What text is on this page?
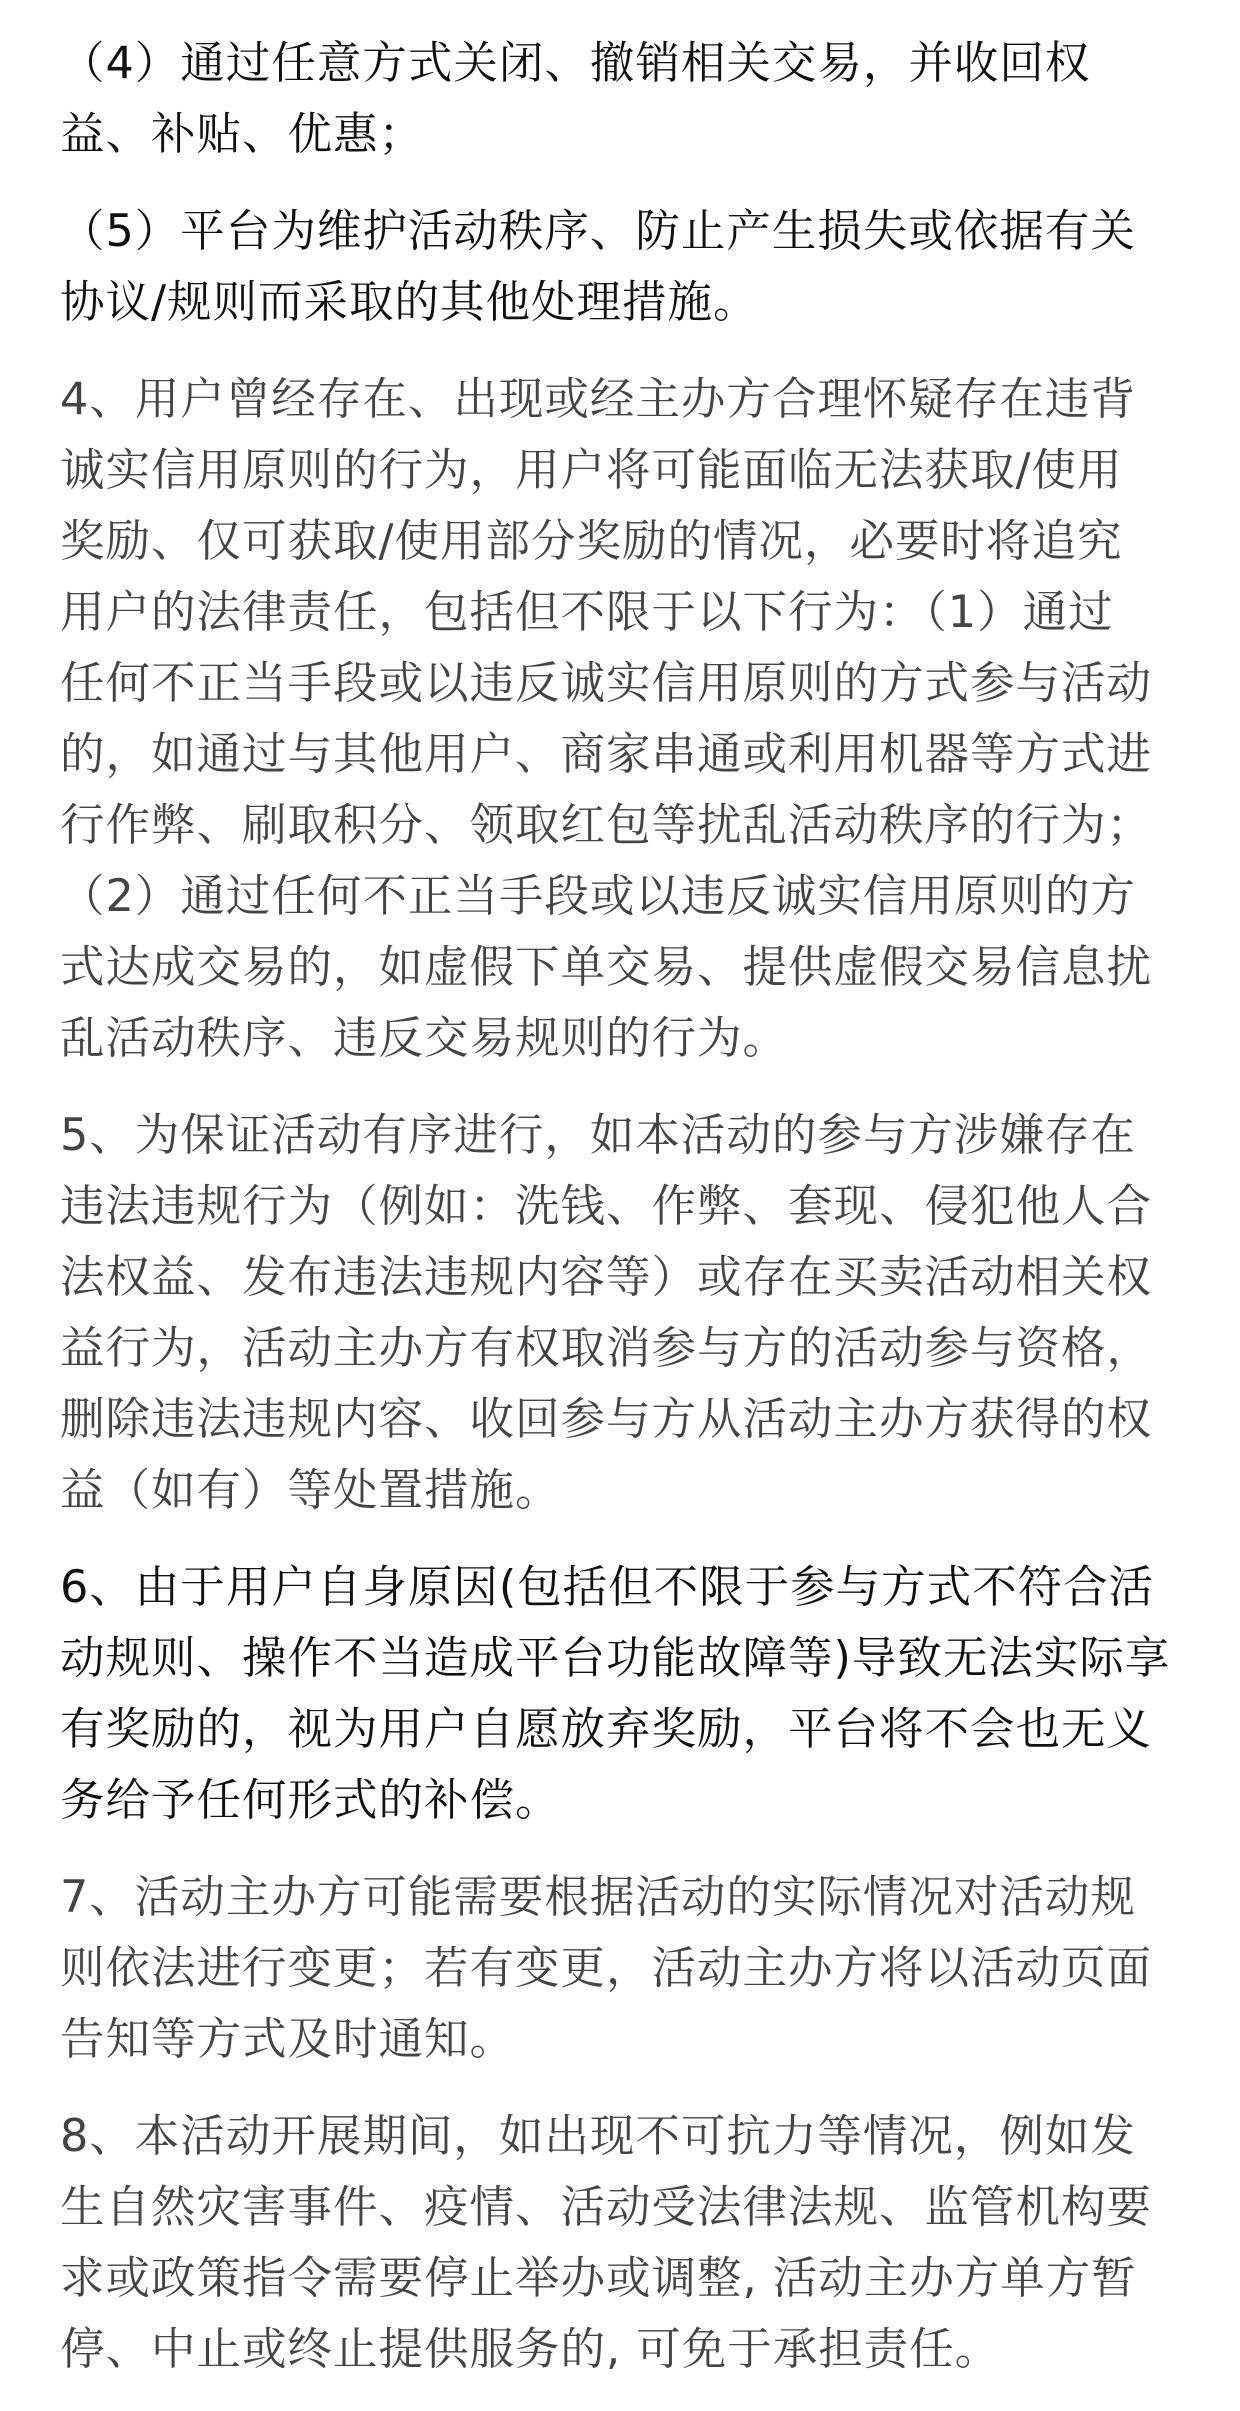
（4）通过任意方式关闭、撤销相关交易，并收回权
益、补贴、优惠；

（5）平台为维护活动秩序、防止产生损失或依据有关
协议/规则而采取的其他处理措施。

4、用户曾经存在、出现或经主办方合理怀疑存在违背
诚实信用原则的行为，用户将可能面临无法获取/使用
奖励、仅可获取/使用部分奖励的情况，必要时将追究
用户的法律责任，包括但不限于以下行为：（1）通过
任何不正当手段或以违反诚实信用原则的方式参与活动
的，如通过与其他用户、商家串通或利用机器等方式进
行作弊、刷取积分、领取红包等扰乱活动秩序的行为；
（2）通过任何不正当手段或以违反诚实信用原则的方
式达成交易的，如虚假下单交易、提供虚假交易信息扰
乱活动秩序、违反交易规则的行为。

5、为保证活动有序进行，如本活动的参与方涉嫌存在
违法违规行为（例如：洗钱、作弊、套现、侵犯他人合
法权益、发布违法违规内容等）或存在买卖活动相关权
益行为，活动主办方有权取消参与方的活动参与资格，
删除违法违规内容、收回参与方从活动主办方获得的权
益（如有）等处置措施。

6、由于用户自身原因(包括但不限于参与方式不符合活
动规则、操作不当造成平台功能故障等)导致无法实际享
有奖励的，视为用户自愿放弃奖励，平台将不会也无义
务给予任何形式的补偿。

7、活动主办方可能需要根据活动的实际情况对活动规
则依法进行变更；若有变更，活动主办方将以活动页面
告知等方式及时通知。

8、本活动开展期间，如出现不可抗力等情况，例如发
生自然灾害事件、疫情、活动受法律法规、监管机构要
求或政策指令需要停止举办或调整, 活动主办方单方暂
停、中止或终止提供服务的, 可免于承担责任。
